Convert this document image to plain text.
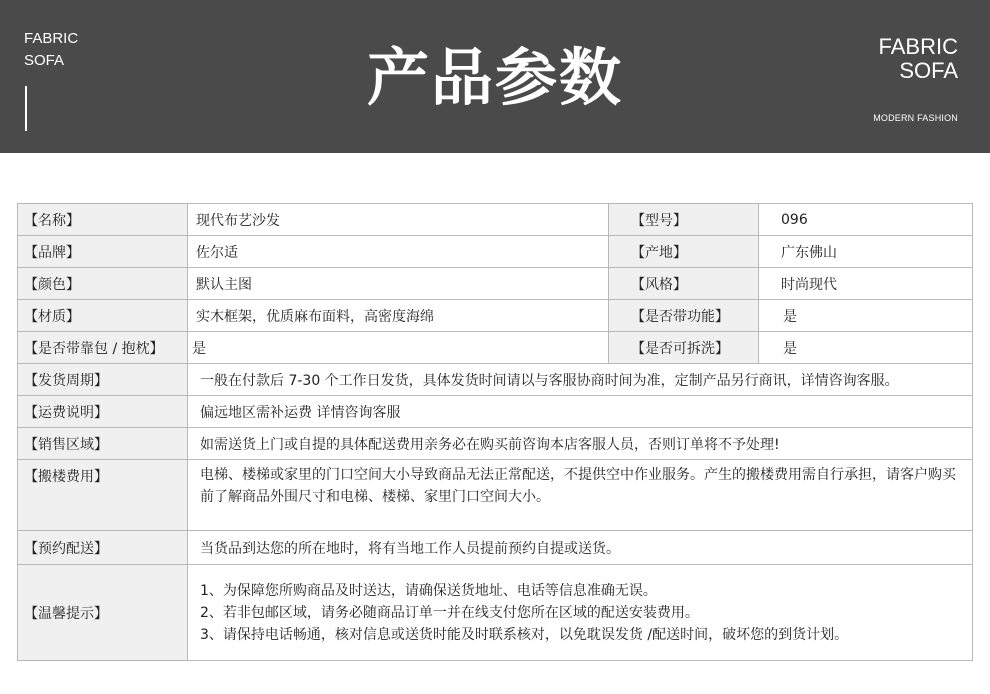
FABRIC
SOFA	产品参数	FABRIC
SOFA
MODERN FASHION
【名称】	现代布艺沙发	【型号】	096
【品牌】	佐尔适	【产地】	广东佛山
【颜色】	默认主图	【风格】	时尚现代
【材质】	实木框架，优质麻布面料，高密度海绵	【是否带功能】	是
【是否带靠包 / 抱枕】	是	【是否可拆洗】	是
【发货周期】	一般在付款后 7-30 个工作日发货，具体发货时间请以与客服协商时间为准，定制产品另行商讯，详情咨询客服。		
【运费说明】	偏远地区需补运费 详情咨询客服		
【销售区域】	如需送货上门或自提的具体配送费用亲务必在购买前咨询本店客服人员，否则订单将不予处理!		
【搬楼费用】	电梯、楼梯或家里的门口空间大小导致商品无法正常配送，不提供空中作业服务。产生的搬楼费用需自行承担，请客户购买前了解商品外围尺寸和电梯、楼梯、家里门口空间大小。		
【预约配送】	当货品到达您的所在地时，将有当地工作人员提前预约自提或送货。		
【温馨提示】	1、为保障您所购商品及时送达，请确保送货地址、电话等信息准确无误。
2、若非包邮区域，请务必随商品订单一并在线支付您所在区域的配送安装费用。
3、请保持电话畅通，核对信息或送货时能及时联系核对，以免耽误发货 /配送时间，破坏您的到货计划。		
